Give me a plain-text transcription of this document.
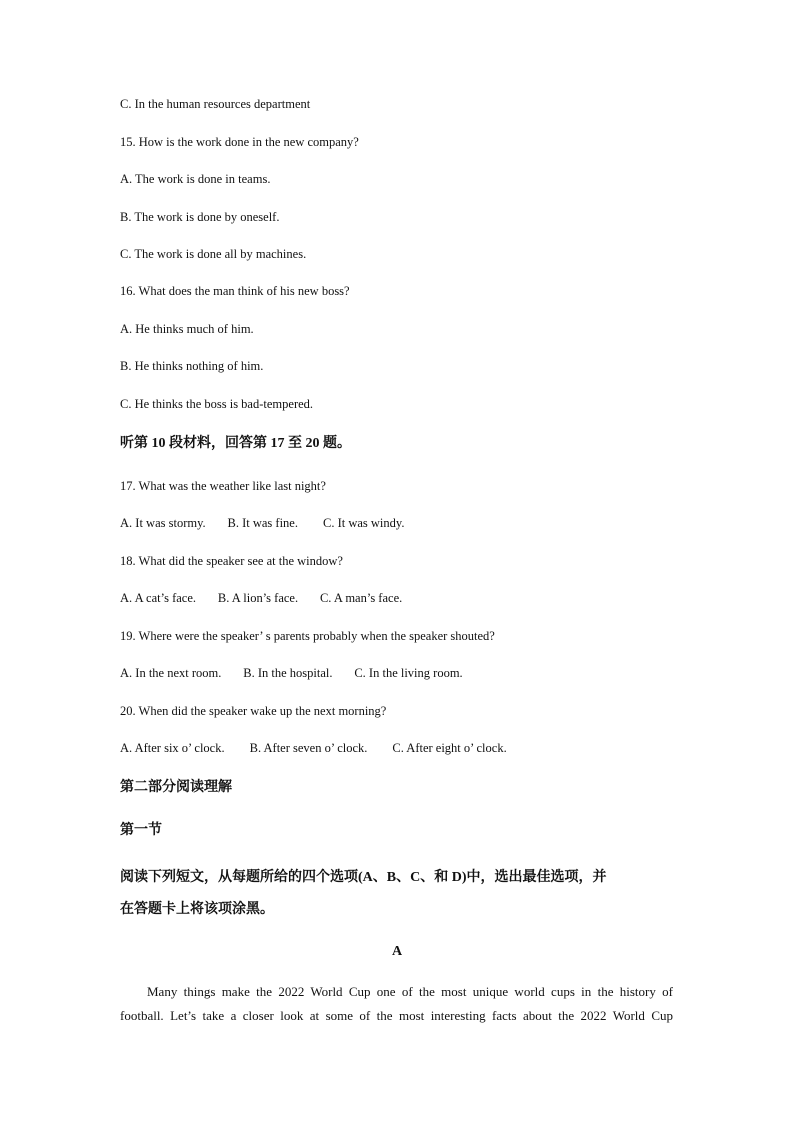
C. In the human resources department
15. How is the work done in the new company?
A. The work is done in teams.
B. The work is done by oneself.
C. The work is done all by machines.
16. What does the man think of his new boss?
A. He thinks much of him.
B. He thinks nothing of him.
C. He thinks the boss is bad-tempered.
听第 10 段材料，回答第 17 至 20 题。
17. What was the weather like last night?
A. It was stormy.       B. It was fine.        C. It was windy.
18. What did the speaker see at the window?
A. A cat’s face.       B. A lion’s face.       C. A man’s face.
19. Where were the speaker’ s parents probably when the speaker shouted?
A. In the next room.       B. In the hospital.       C. In the living room.
20. When did the speaker wake up the next morning?
A. After six o’ clock.        B. After seven o’ clock.        C. After eight o’ clock.
第二部分阅读理解
第一节
阅读下列短文，从每题所给的四个选项(A、B、C、和 D)中，选出最佳选项，并
在答题卡上将该项涂黑。
A
Many things make the 2022 World Cup one of the most unique world cups in the history of
football. Let’s take a closer look at some of the most interesting facts about the 2022 World Cup
